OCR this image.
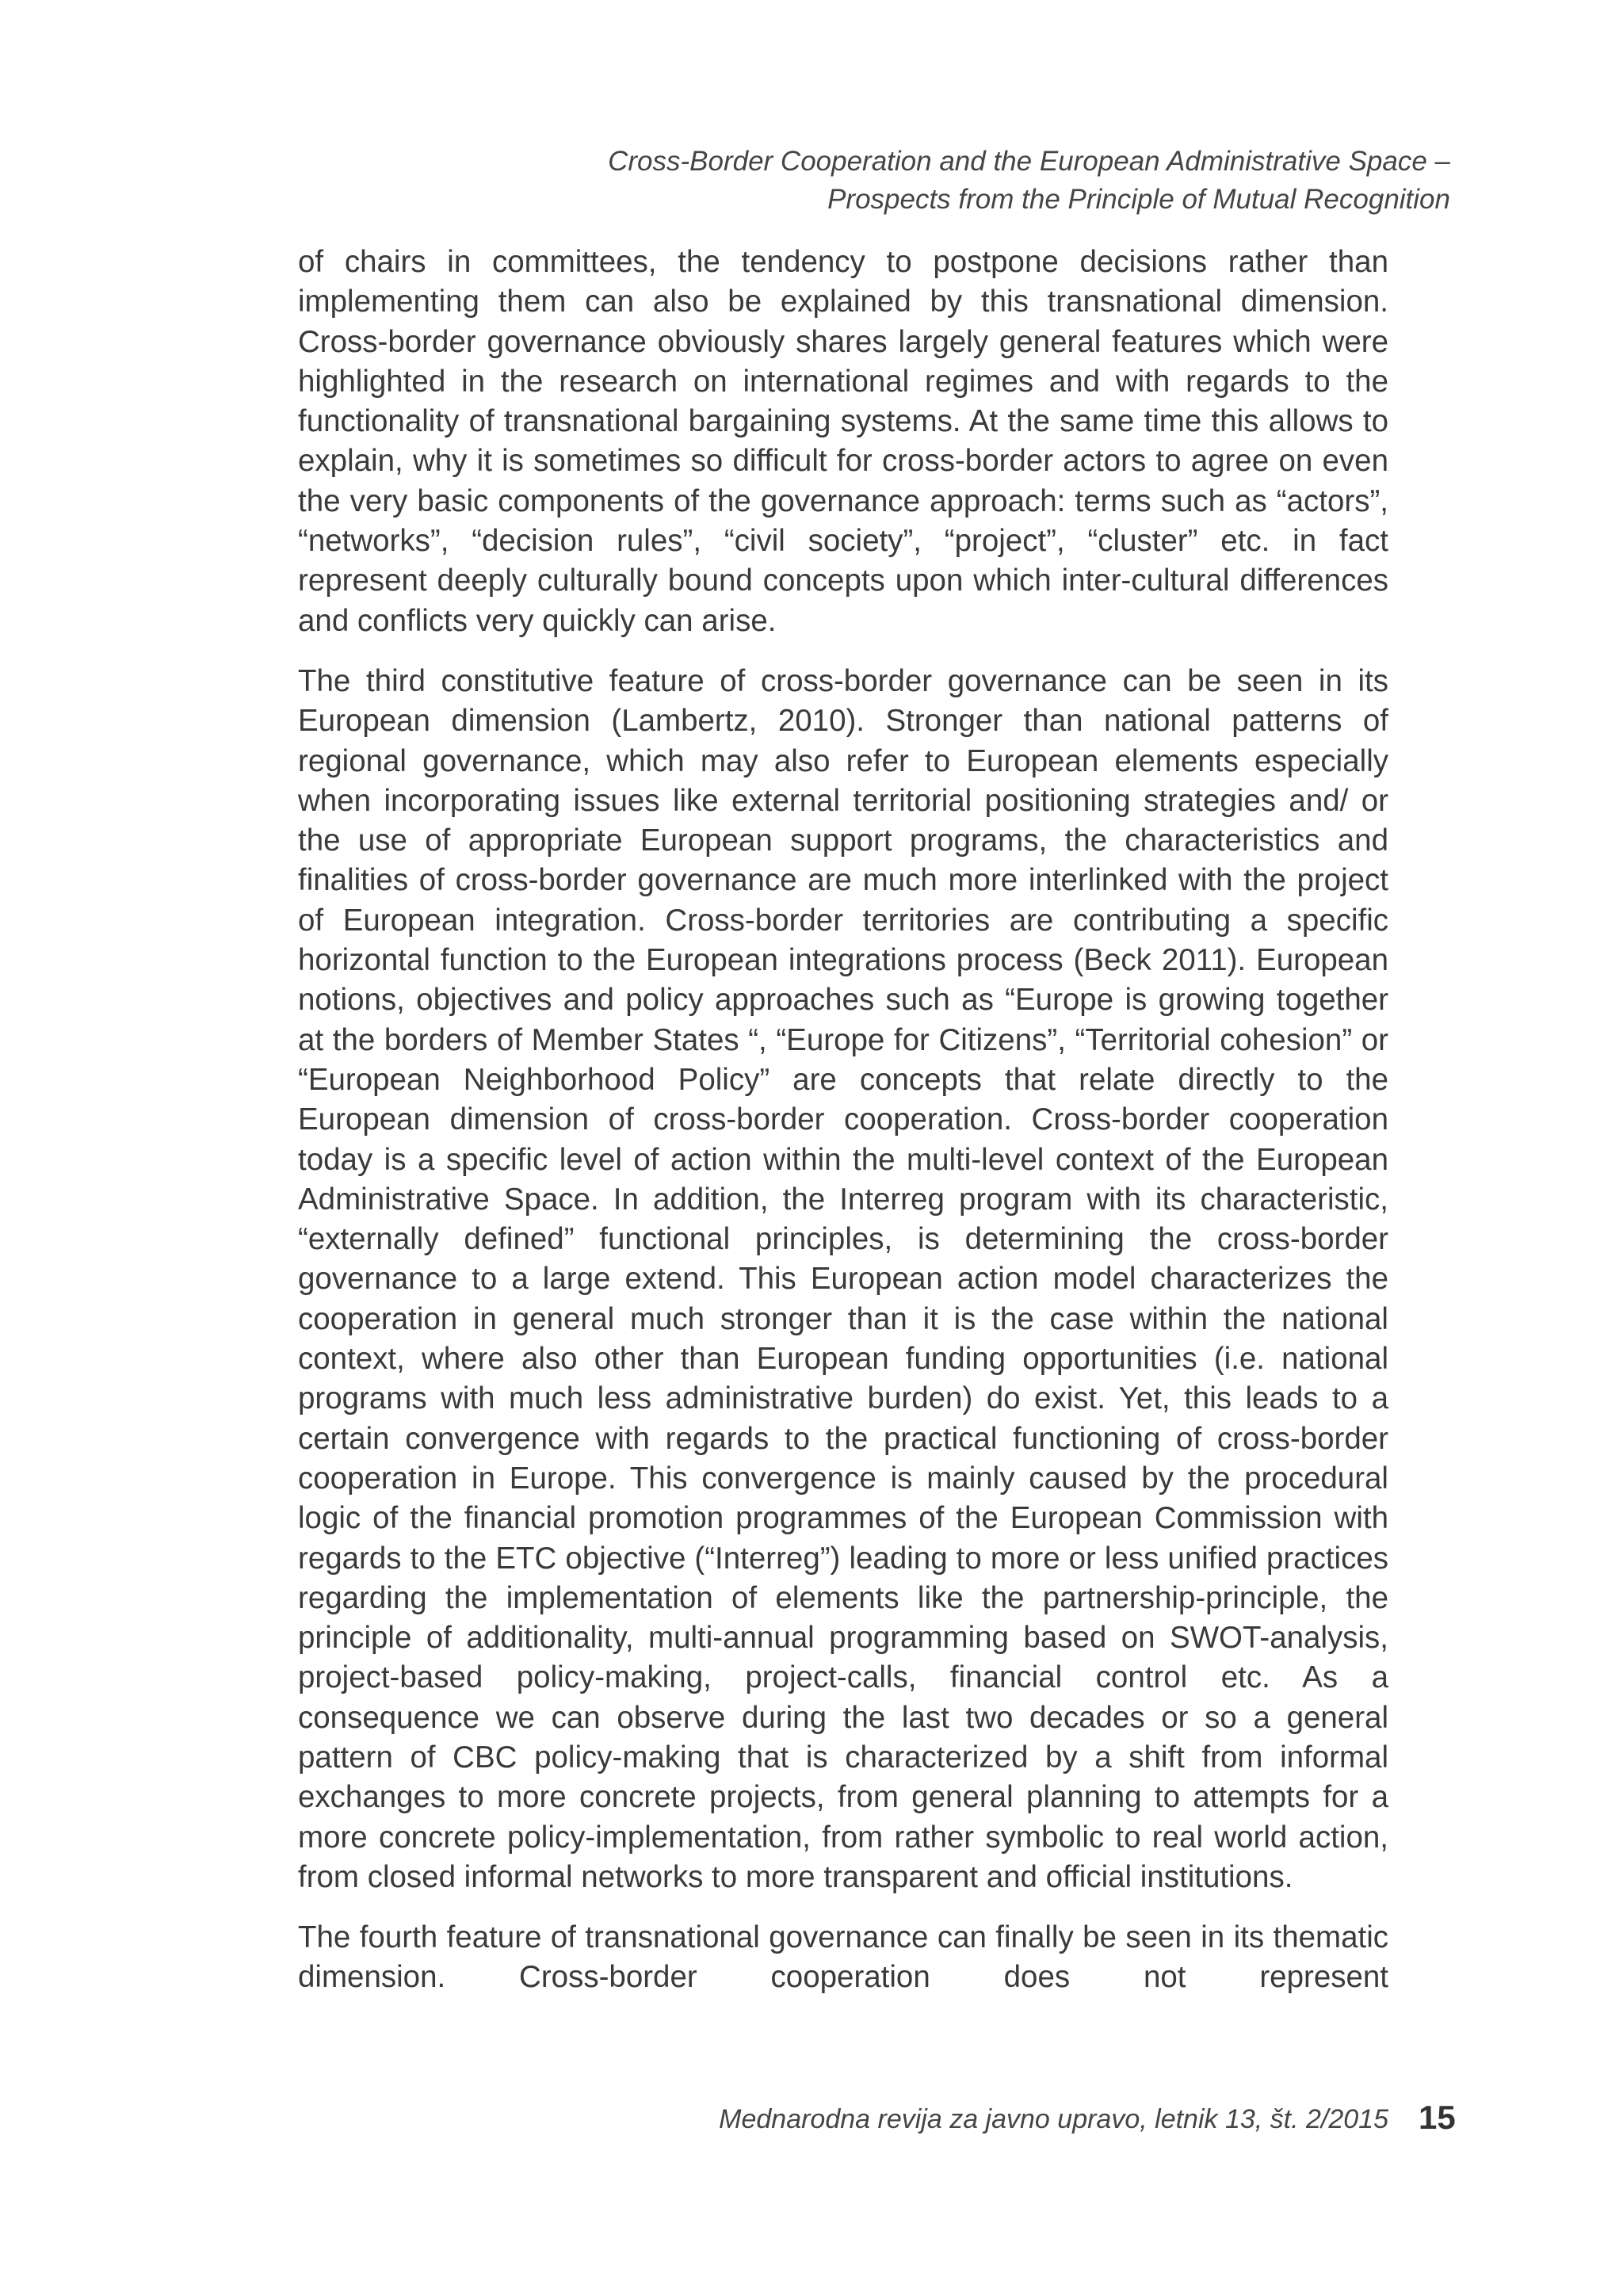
Cross-Border Cooperation and the European Administrative Space –
Prospects from the Principle of Mutual Recognition

of chairs in committees, the tendency to postpone decisions rather than implementing them can also be explained by this transnational dimension. Cross-border governance obviously shares largely general features which were highlighted in the research on international regimes and with regards to the functionality of transnational bargaining systems. At the same time this allows to explain, why it is sometimes so difficult for cross-border actors to agree on even the very basic components of the governance approach: terms such as “actors”, “networks”, “decision rules”, “civil society”, “project”, “cluster” etc. in fact represent deeply culturally bound concepts upon which inter-cultural differences and conflicts very quickly can arise.

The third constitutive feature of cross-border governance can be seen in its European dimension (Lambertz, 2010). Stronger than national patterns of regional governance, which may also refer to European elements especially when incorporating issues like external territorial positioning strategies and/ or the use of appropriate European support programs, the characteristics and finalities of cross-border governance are much more interlinked with the project of European integration. Cross-border territories are contributing a specific horizontal function to the European integrations process (Beck 2011). European notions, objectives and policy approaches such as “Europe is growing together at the borders of Member States “, “Europe for Citizens”, “Territorial cohesion” or “European Neighborhood Policy” are concepts that relate directly to the European dimension of cross-border cooperation. Cross-border cooperation today is a specific level of action within the multi-level context of the European Administrative Space. In addition, the Interreg program with its characteristic, “externally defined” functional principles, is determining the cross-border governance to a large extend. This European action model characterizes the cooperation in general much stronger than it is the case within the national context, where also other than European funding opportunities (i.e. national programs with much less administrative burden) do exist. Yet, this leads to a certain convergence with regards to the practical functioning of cross-border cooperation in Europe. This convergence is mainly caused by the procedural logic of the financial promotion programmes of the European Commission with regards to the ETC objective (“Interreg”) leading to more or less unified practices regarding the implementation of elements like the partnership-principle, the principle of additionality, multi-annual programming based on SWOT-analysis, project-based policy-making, project-calls, financial control etc. As a consequence we can observe during the last two decades or so a general pattern of CBC policy-making that is characterized by a shift from informal exchanges to more concrete projects, from general planning to attempts for a more concrete policy-implementation, from rather symbolic to real world action, from closed informal networks to more transparent and official institutions.

The fourth feature of transnational governance can finally be seen in its thematic dimension. Cross-border cooperation does not represent

Mednarodna revija za javno upravo, letnik 13, št. 2/2015 15
